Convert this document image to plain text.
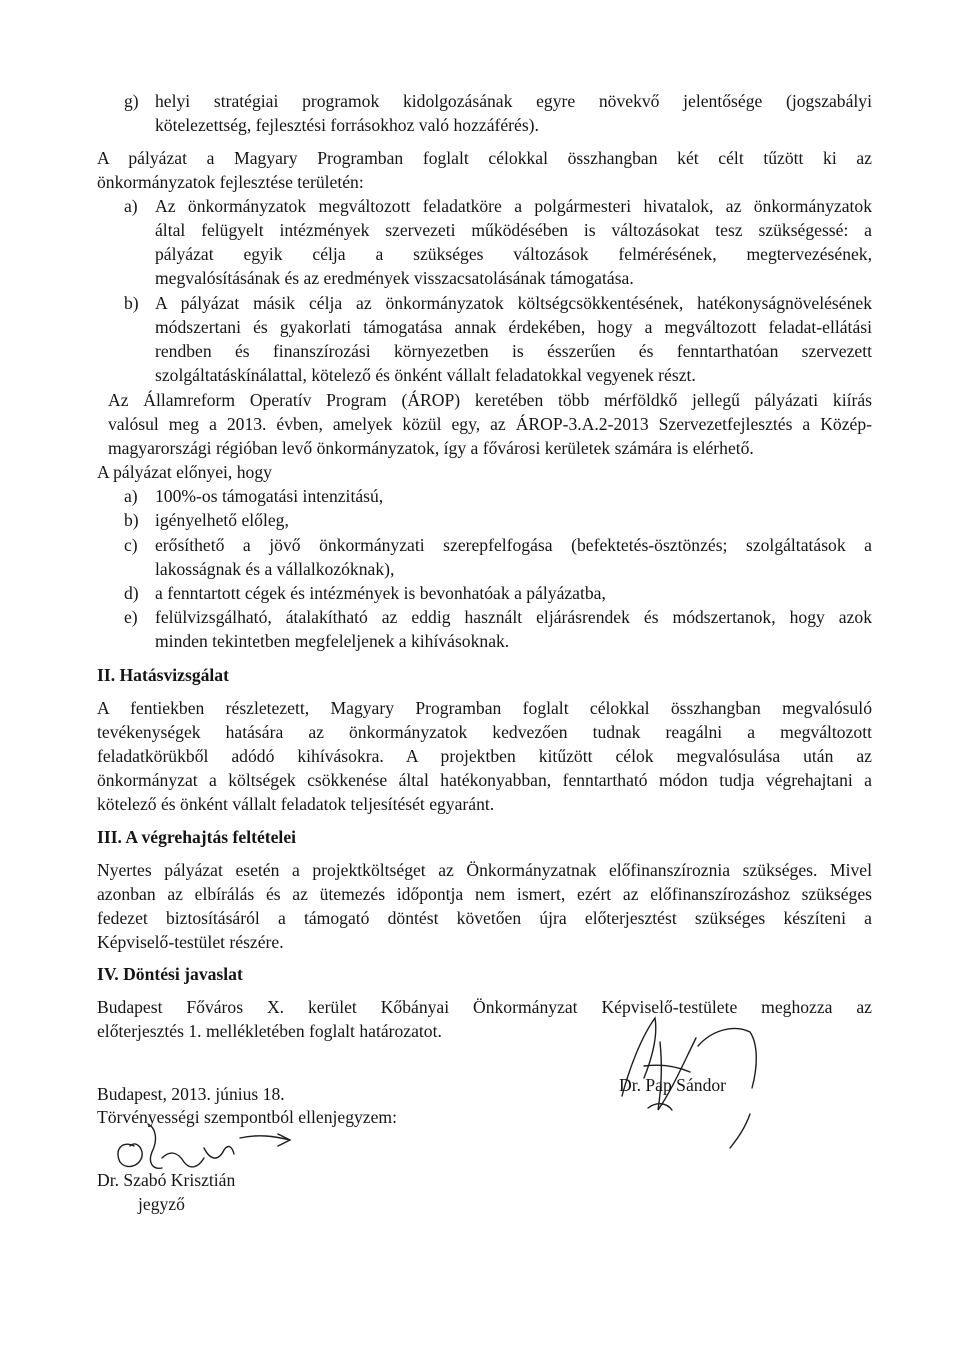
g) helyi stratégiai programok kidolgozásának egyre növekvő jelentősége (jogszabályi
kötelezettség, fejlesztési forrásokhoz való hozzáférés).
A pályázat a Magyary Programban foglalt célokkal összhangban két célt tűzött ki az
önkormányzatok fejlesztése területén:
a) Az önkormányzatok megváltozott feladatköre a polgármesteri hivatalok, az önkormányzatok
által felügyelt intézmények szervezeti működésében is változásokat tesz szükségessé: a
pályázat egyik célja a szükséges változások felmérésének, megtervezésének,
megvalósításának és az eredmények visszacsatolásának támogatása.
b) A pályázat másik célja az önkormányzatok költségcsökkentésének, hatékonyságnövelésének
módszertani és gyakorlati támogatása annak érdekében, hogy a megváltozott feladat-ellátási
rendben és finanszírozási környezetben is ésszerűen és fenntarthatóan szervezett
szolgáltatáskínálattal, kötelező és önként vállalt feladatokkal vegyenek részt.
Az Államreform Operatív Program (ÁROP) keretében több mérföldkő jellegű pályázati kiírás
valósul meg a 2013. évben, amelyek közül egy, az ÁROP-3.A.2-2013 Szervezetfejlesztés a Közép-
magyarországi régióban levő önkormányzatok, így a fővárosi kerületek számára is elérhető.
A pályázat előnyei, hogy
a) 100%-os támogatási intenzitású,
b) igényelhető előleg,
c) erősíthető a jövő önkormányzati szerepfelfogása (befektetés-ösztönzés; szolgáltatások a
lakosságnak és a vállalkozóknak),
d) a fenntartott cégek és intézmények is bevonhatóak a pályázatba,
e) felülvizsgálható, átalakítható az eddig használt eljárásrendek és módszertanok, hogy azok
minden tekintetben megfeleljenek a kihívásoknak.
II. Hatásvizsgálat
A fentiekben részletezett, Magyary Programban foglalt célokkal összhangban megvalósuló
tevékenységek hatására az önkormányzatok kedvezően tudnak reagálni a megváltozott
feladatkörükből adódó kihívásokra. A projektben kitűzött célok megvalósulása után az
önkormányzat a költségek csökkenése által hatékonyabban, fenntartható módon tudja végrehajtani a
kötelező és önként vállalt feladatok teljesítését egyaránt.
III. A végrehajtás feltételei
Nyertes pályázat esetén a projektköltséget az Önkormányzatnak előfinanszíroznia szükséges. Mivel
azonban az elbírálás és az ütemezés időpontja nem ismert, ezért az előfinanszírozáshoz szükséges
fedezet biztosításáról a támogató döntést követően újra előterjesztést szükséges készíteni a
Képviselő-testület részére.
IV. Döntési javaslat
Budapest Főváros X. kerület Kőbányai Önkormányzat Képviselő-testülete meghozza az
előterjesztés 1. mellékletében foglalt határozatot.
Budapest, 2013. június 18.	Dr. Pap Sándor
Törvényességi szempontból ellenjegyzem:
Dr. Szabó Krisztián
jegyző
